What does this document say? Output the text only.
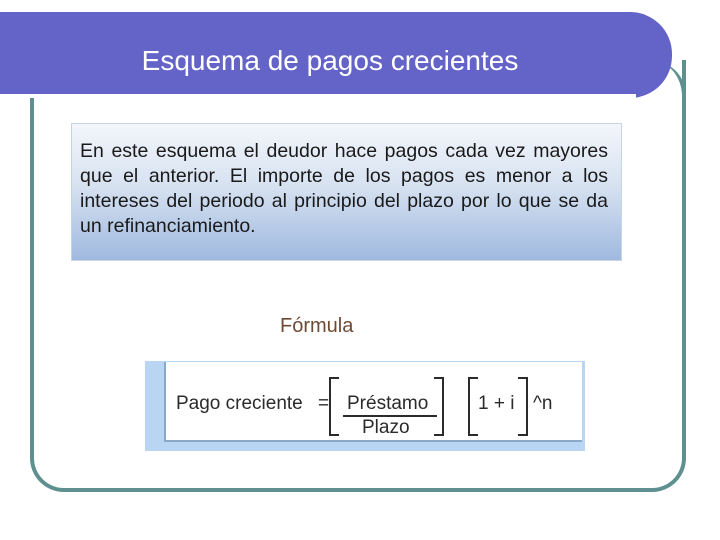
Esquema de pagos crecientes

En este esquema el deudor hace pagos cada vez mayores que el anterior. El importe de los pagos es menor a los intereses del periodo al principio del plazo por lo que se da un refinanciamiento.

Fórmula
Pago creciente = Préstamo
Plazo
1 + i ^n
